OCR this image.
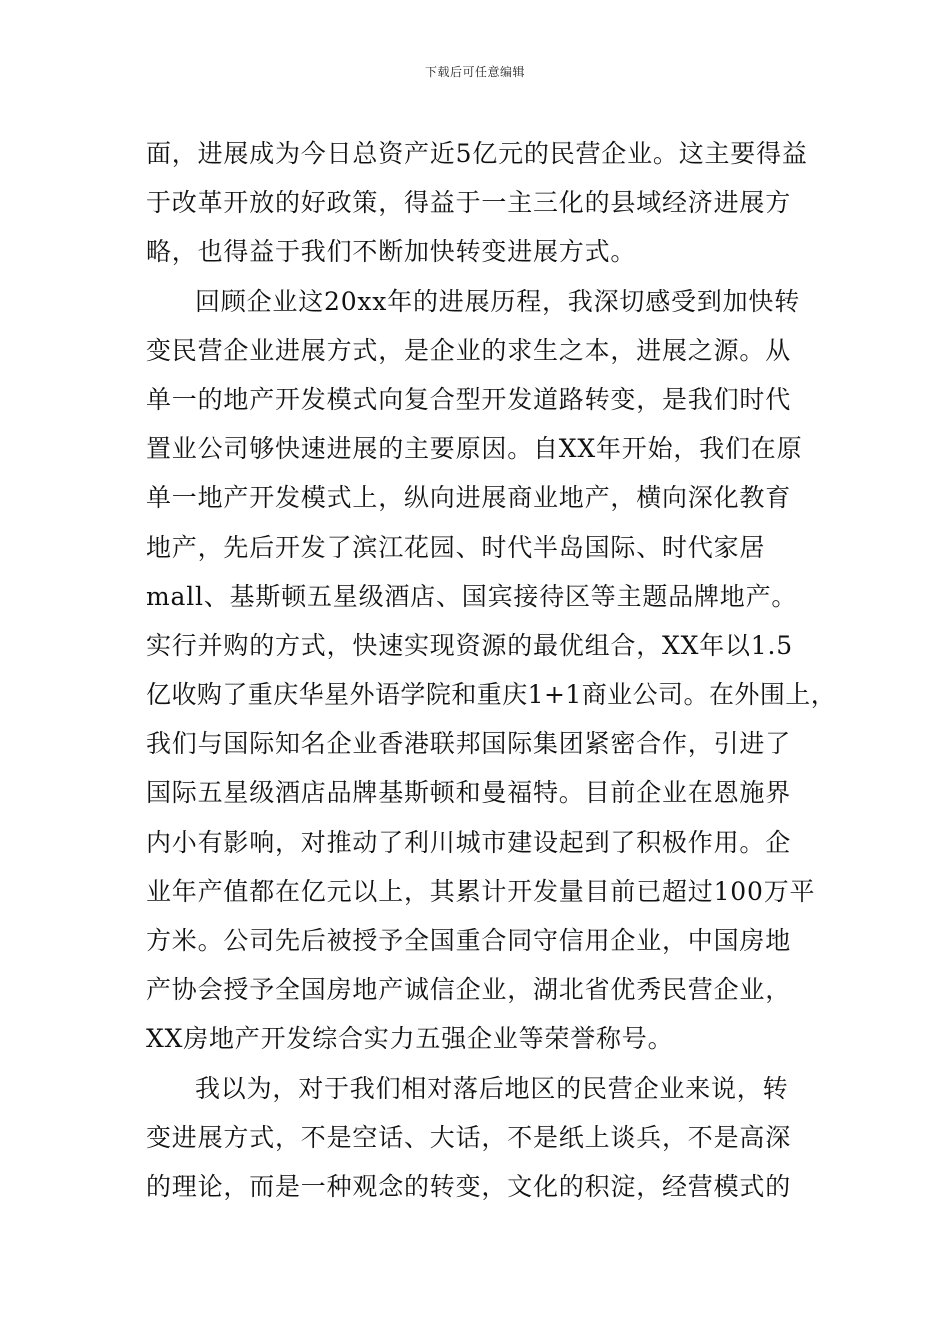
下载后可任意编辑
面，进展成为今日总资产近5亿元的民营企业。这主要得益
于改革开放的好政策，得益于一主三化的县域经济进展方
略，也得益于我们不断加快转变进展方式。
回顾企业这20xx年的进展历程，我深切感受到加快转
变民营企业进展方式，是企业的求生之本，进展之源。从
单一的地产开发模式向复合型开发道路转变，是我们时代
置业公司够快速进展的主要原因。自XX年开始，我们在原
单一地产开发模式上，纵向进展商业地产，横向深化教育
地产，先后开发了滨江花园、时代半岛国际、时代家居
mall、基斯顿五星级酒店、国宾接待区等主题品牌地产。
实行并购的方式，快速实现资源的最优组合，XX年以1.5
亿收购了重庆华星外语学院和重庆1+1商业公司。在外围上，
我们与国际知名企业香港联邦国际集团紧密合作，引进了
国际五星级酒店品牌基斯顿和曼福特。目前企业在恩施界
内小有影响，对推动了利川城市建设起到了积极作用。企
业年产值都在亿元以上，其累计开发量目前已超过100万平
方米。公司先后被授予全国重合同守信用企业，中国房地
产协会授予全国房地产诚信企业，湖北省优秀民营企业，
XX房地产开发综合实力五强企业等荣誉称号。
我以为，对于我们相对落后地区的民营企业来说，转
变进展方式，不是空话、大话，不是纸上谈兵，不是高深
的理论，而是一种观念的转变，文化的积淀，经营模式的
